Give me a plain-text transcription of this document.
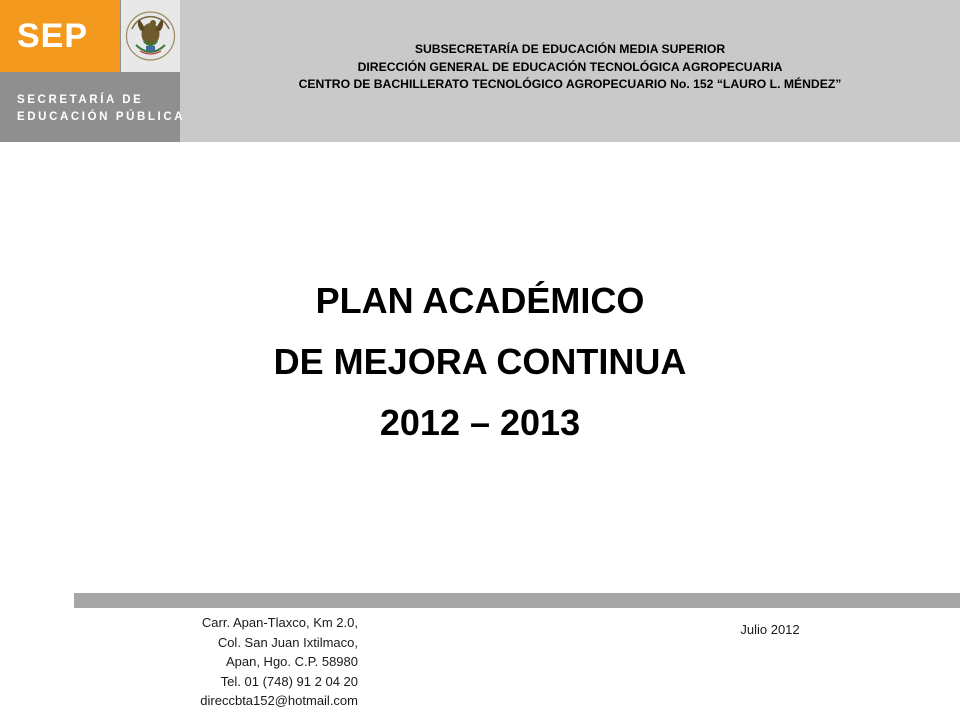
SEP
SECRETARÍA DE
EDUCACIÓN PÚBLICA
SUBSECRETARÍA DE EDUCACIÓN MEDIA SUPERIOR
DIRECCIÓN GENERAL DE EDUCACIÓN TECNOLÓGICA AGROPECUARIA
CENTRO DE BACHILLERATO TECNOLÓGICO AGROPECUARIO No. 152 “LAURO L. MÉNDEZ”
PLAN ACADÉMICO
DE MEJORA CONTINUA
2012 – 2013
Carr. Apan-Tlaxco, Km 2.0,
Col. San Juan Ixtilmaco,
Apan, Hgo. C.P. 58980
Tel. 01 (748) 91 2 04 20
direccbta152@hotmail.com
Julio 2012
